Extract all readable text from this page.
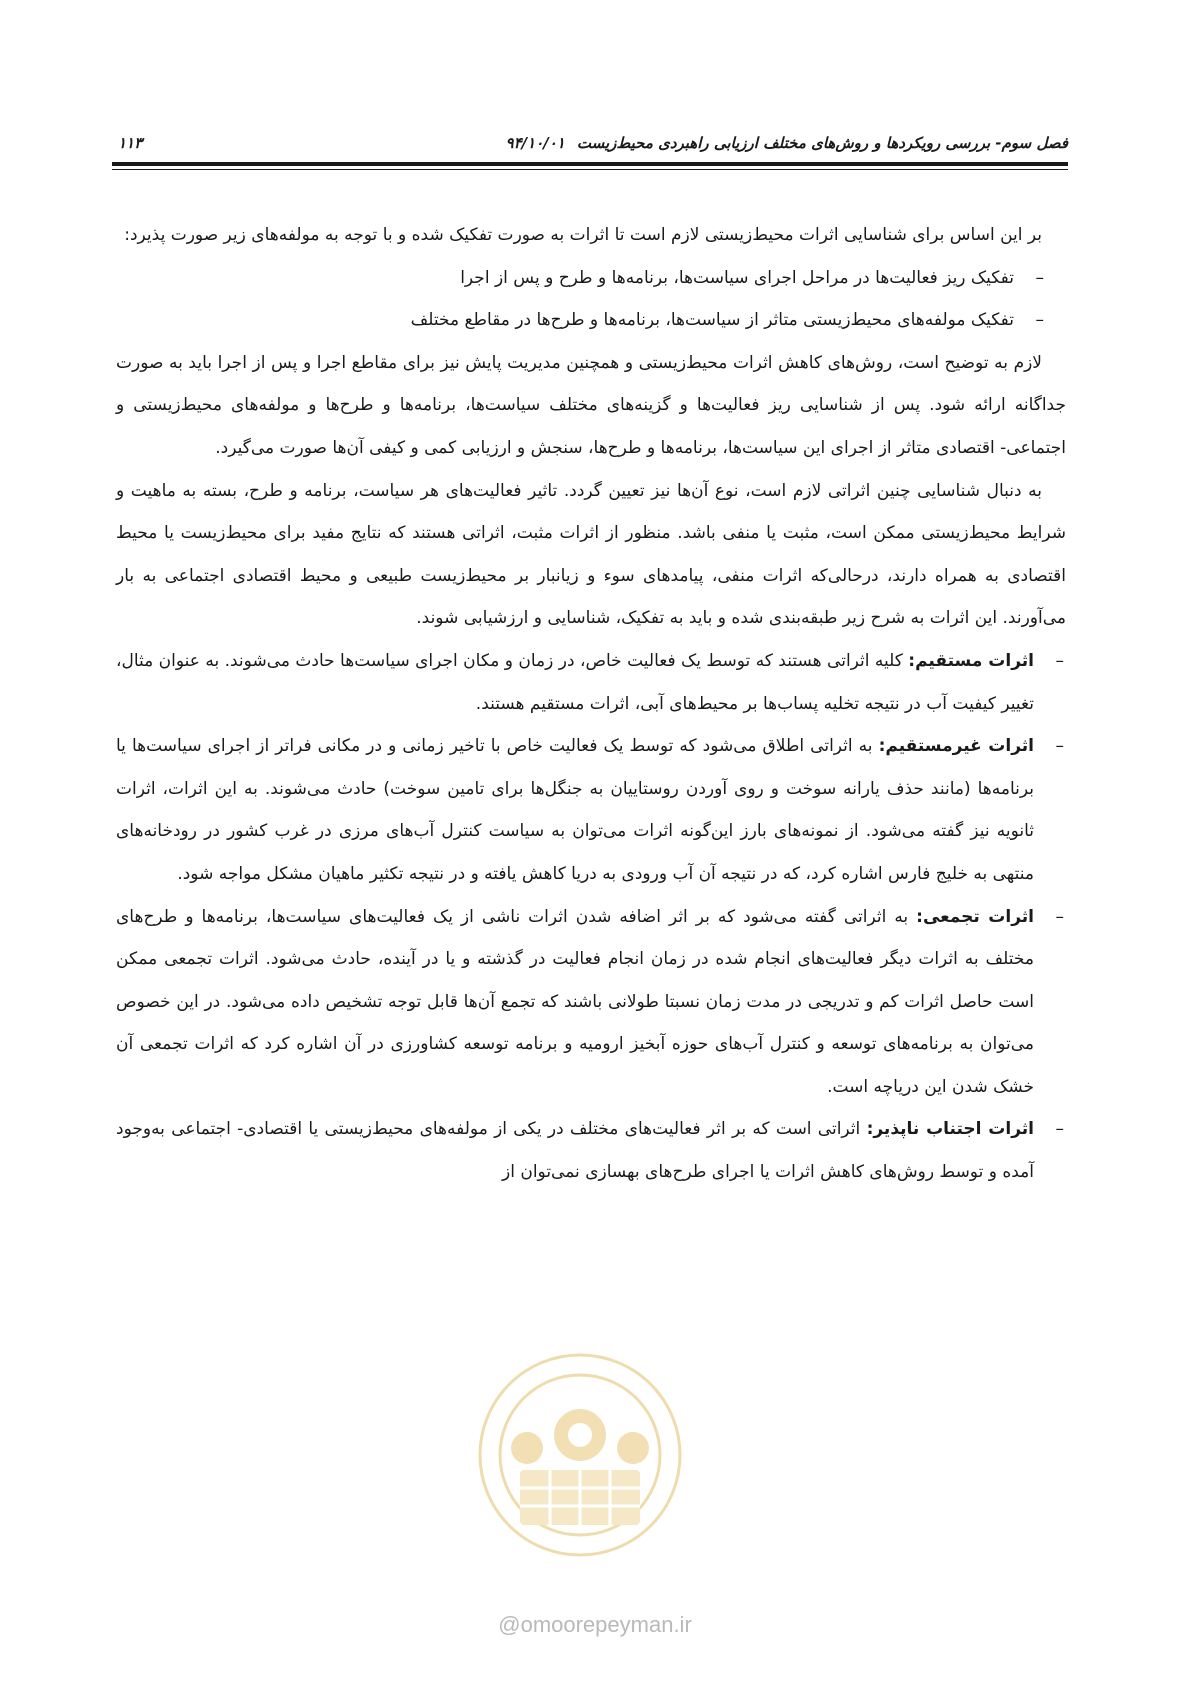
فصل سوم- بررسی رویکردها و روش‌های مختلف ارزیابی راهبردی محیط‌زیست۹۴/۱۰/۰۱
۱۱۳

بر این اساس برای شناسایی اثرات محیط‌زیستی لازم است تا اثرات به صورت تفکیک شده و با توجه به مولفه‌های زیر صورت پذیرد:

–
تفکیک ریز فعالیت‌ها در مراحل اجرای سیاست‌ها، برنامه‌ها و طرح و پس از اجرا
–
تفکیک مولفه‌های محیط‌زیستی متاثر از سیاست‌ها، برنامه‌ها و طرح‌ها در مقاطع مختلف

لازم به توضیح است، روش‌های کاهش اثرات محیط‌زیستی و همچنین مدیریت پایش نیز برای مقاطع اجرا و پس از اجرا باید به صورت جداگانه ارائه شود. پس از شناسایی ریز فعالیت‌ها و گزینه‌های مختلف سیاست‌ها، برنامه‌ها و طرح‌ها و مولفه‌های محیط‌زیستی و اجتماعی- اقتصادی متاثر از اجرای این سیاست‌ها، برنامه‌ها و طرح‌ها، سنجش و ارزیابی کمی و کیفی آن‌ها صورت می‌گیرد.

به دنبال شناسایی چنین اثراتی لازم است، نوع آن‌ها نیز تعیین گردد. تاثیر فعالیت‌های هر سیاست، برنامه و طرح، بسته به ماهیت و شرایط محیط‌زیستی ممکن است، مثبت یا منفی باشد. منظور از اثرات مثبت، اثراتی هستند که نتایج مفید برای محیط‌زیست یا محیط اقتصادی به همراه دارند، درحالی‌که اثرات منفی، پیامدهای سوء و زیانبار بر محیط‌زیست طبیعی و محیط اقتصادی اجتماعی به بار می‌آورند. این اثرات به شرح زیر طبقه‌بندی شده و باید به تفکیک، شناسایی و ارزشیابی شوند.

–
اثرات مستقیم: کلیه اثراتی هستند که توسط یک فعالیت خاص، در زمان و مکان اجرای سیاست‌ها حادث می‌شوند. به عنوان مثال، تغییر کیفیت آب در نتیجه تخلیه پساب‌ها بر محیط‌های آبی، اثرات مستقیم هستند.
–
اثرات غیرمستقیم: به اثراتی اطلاق می‌شود که توسط یک فعالیت خاص با تاخیر زمانی و در مکانی فراتر از اجرای سیاست‌ها یا برنامه‌ها (مانند حذف یارانه سوخت و روی آوردن روستاییان به جنگل‌ها برای تامین سوخت) حادث می‌شوند. به این اثرات، اثرات ثانویه نیز گفته می‌شود. از نمونه‌های بارز این‌گونه اثرات می‌توان به سیاست کنترل آب‌های مرزی در غرب کشور در رودخانه‌های منتهی به خلیج فارس اشاره کرد، که در نتیجه آن آب ورودی به دریا کاهش یافته و در نتیجه تکثیر ماهیان مشکل مواجه شود.
–
اثرات تجمعی: به اثراتی گفته می‌شود که بر اثر اضافه شدن اثرات ناشی از یک فعالیت‌های سیاست‌ها، برنامه‌ها و طرح‌های مختلف به اثرات دیگر فعالیت‌های انجام شده در زمان انجام فعالیت در گذشته و یا در آینده، حادث می‌شود. اثرات تجمعی ممکن است حاصل اثرات کم و تدریجی در مدت زمان نسبتا طولانی باشند که تجمع آن‌ها قابل توجه تشخیص داده می‌شود. در این خصوص می‌توان به برنامه‌های توسعه و کنترل آب‌های حوزه آبخیز ارومیه و برنامه توسعه کشاورزی در آن اشاره کرد که اثرات تجمعی آن خشک شدن این دریاچه است.
–
اثرات اجتناب ناپذیر: اثراتی است که بر اثر فعالیت‌های مختلف در یکی از مولفه‌های محیط‌زیستی یا اقتصادی- اجتماعی به‌وجود آمده و توسط روش‌های کاهش اثرات یا اجرای طرح‌های بهسازی نمی‌توان از
@omoorepeyman.ir
